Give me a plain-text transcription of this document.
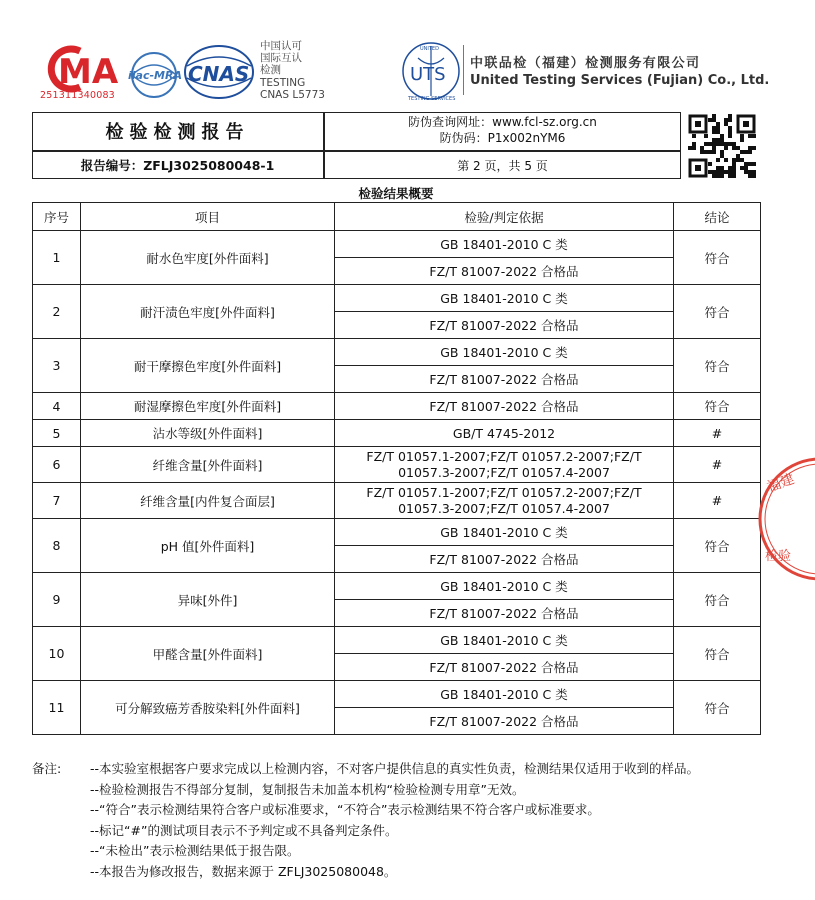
MA
251311340083
ilac-MRA CNAS
中国认可
国际互认
检测
TESTING
CNAS L5773
UTS
UNITED
TESTING SERVICES
中联品检（福建）检测服务有限公司
United Testing Services (Fujian) Co., Ltd.
检验检测报告
报告编号：ZFLJ3025080048-1
防伪查询网址：www.fcl-sz.org.cn
防伪码：P1x002nYM6
第 2 页，共 5 页
检验结果概要
序号	项目	检验/判定依据	结论
1	耐水色牢度[外件面料]	GB 18401-2010 C 类	符合
		FZ/T 81007-2022 合格品	
2	耐汗渍色牢度[外件面料]	GB 18401-2010 C 类	符合
		FZ/T 81007-2022 合格品	
3	耐干摩擦色牢度[外件面料]	GB 18401-2010 C 类	符合
		FZ/T 81007-2022 合格品	
4	耐湿摩擦色牢度[外件面料]	FZ/T 81007-2022 合格品	符合
5	沾水等级[外件面料]	GB/T 4745-2012	#
6	纤维含量[外件面料]	FZ/T 01057.1-2007;FZ/T 01057.2-2007;FZ/T 01057.3-2007;FZ/T 01057.4-2007	#
7	纤维含量[内件复合面层]	FZ/T 01057.1-2007;FZ/T 01057.2-2007;FZ/T 01057.3-2007;FZ/T 01057.4-2007	#
8	pH 值[外件面料]	GB 18401-2010 C 类	符合
		FZ/T 81007-2022 合格品	
9	异味[外件]	GB 18401-2010 C 类	符合
		FZ/T 81007-2022 合格品	
10	甲醛含量[外件面料]	GB 18401-2010 C 类	符合
		FZ/T 81007-2022 合格品	
11	可分解致癌芳香胺染料[外件面料]	GB 18401-2010 C 类	符合
		FZ/T 81007-2022 合格品	
福建
检验
备注: --本实验室根据客户要求完成以上检测内容，不对客户提供信息的真实性负责，检测结果仅适用于收到的样品。
--检验检测报告不得部分复制，复制报告未加盖本机构“检验检测专用章”无效。
--“符合”表示检测结果符合客户或标准要求，“不符合”表示检测结果不符合客户或标准要求。
--标记“#”的测试项目表示不予判定或不具备判定条件。
--“未检出”表示检测结果低于报告限。
--本报告为修改报告，数据来源于 ZFLJ3025080048。
